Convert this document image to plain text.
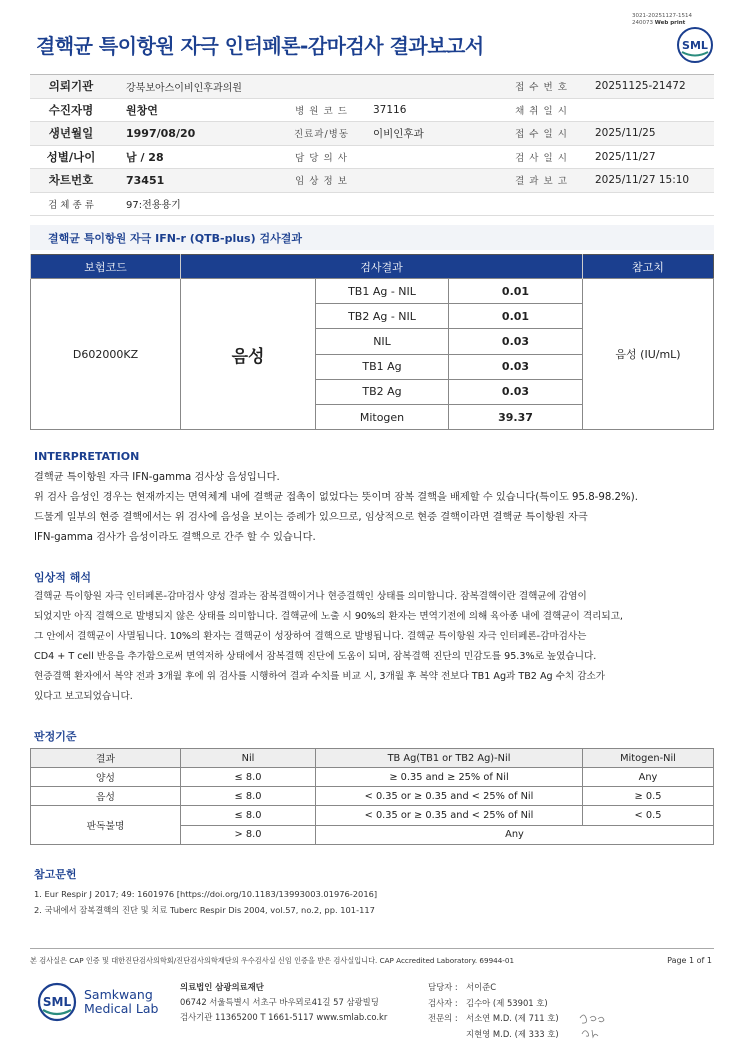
3021-20251127-1514
240073 Web print
결핵균 특이항원 자극 인터페론-감마검사 결과보고서	SML
의뢰기관	강북보아스이비인후과의원	접 수 번 호	20251125-21472
수진자명	원창연	병 원 코 드	37116	채 취 일 시
생년월일	1997/08/20	진료과/병동	이비인후과	접 수 일 시	2025/11/25
성별/나이	남 / 28	담 당 의 사	검 사 일 시	2025/11/27
차트번호	73451	임 상 정 보	결 과 보 고	2025/11/27 15:10
검 체 종 류	97:전용용기
결핵균 특이항원 자극 IFN-r (QTB-plus) 검사결과
보험코드	검사결과			참고치
D602000KZ	음성	TB1 Ag - NIL	0.01	음성 (IU/mL)
		TB2 Ag - NIL	0.01	
		NIL	0.03	
		TB1 Ag	0.03	
		TB2 Ag	0.03	
		Mitogen	39.37	
INTERPRETATION

결핵균 특이항원 자극 IFN-gamma 검사상 음성입니다.

위 검사 음성인 경우는 현재까지는 면역체계 내에 결핵균 접촉이 없었다는 뜻이며 잠복 결핵을 배제할 수 있습니다(특이도 95.8-98.2%).

드물게 일부의 현증 결핵에서는 위 검사에 음성을 보이는 증례가 있으므로, 임상적으로 현증 결핵이라면 결핵균 특이항원 자극

IFN-gamma 검사가 음성이라도 결핵으로 간주 할 수 있습니다.

임상적 해석

결핵균 특이항원 자극 인터페론-감마검사 양성 결과는 잠복결핵이거나 현증결핵인 상태를 의미합니다. 잠복결핵이란 결핵균에 감염이

되었지만 아직 결핵으로 발병되지 않은 상태를 의미합니다. 결핵균에 노출 시 90%의 환자는 면역기전에 의해 육아종 내에 결핵균이 격리되고,

그 안에서 결핵균이 사멸됩니다. 10%의 환자는 결핵균이 성장하여 결핵으로 발병됩니다. 결핵균 특이항원 자극 인터페론-감마검사는

CD4 + T cell 반응을 추가함으로써 면역저하 상태에서 잠복결핵 진단에 도움이 되며, 잠복결핵 진단의 민감도를 95.3%로 높였습니다.

현증결핵 환자에서 복약 전과 3개월 후에 위 검사를 시행하여 결과 수치를 비교 시, 3개월 후 복약 전보다 TB1 Ag과 TB2 Ag 수치 감소가

있다고 보고되었습니다.

판정기준
결과	Nil	TB Ag(TB1 or TB2 Ag)-Nil	Mitogen-Nil
양성	≤ 8.0	≥ 0.35 and ≥ 25% of Nil	Any
음성	≤ 8.0	< 0.35 or ≥ 0.35 and < 25% of Nil	≥ 0.5
판독불명	≤ 8.0	< 0.35 or ≥ 0.35 and < 25% of Nil	< 0.5
	> 8.0	Any	
참고문헌
1. Eur Respir J 2017; 49: 1601976 [https://doi.org/10.1183/13993003.01976-2016]
2. 국내에서 잠복결핵의 진단 및 치료 Tuberc Respir Dis 2004, vol.57, no.2, pp. 101-117
본 검사실은 CAP 인증 및 대한진단검사의학회/진단검사의학재단의 우수검사실 신임 인증을 받은 검사실입니다. CAP Accredited Laboratory. 69944-01	Page 1 of 1
SML Samkwang
Medical Lab
의료법인 삼광의료재단
06742 서울특별시 서초구 바우뫼로41길 57 삼광빌딩
검사기관 11365200 T 1661-5117 www.smlab.co.kr
담당자 : 서이준C
검사자 : 김수아 (제 53901 호)
전문의 : 서소연 M.D. (제 711 호)
지현영 M.D. (제 333 호)
